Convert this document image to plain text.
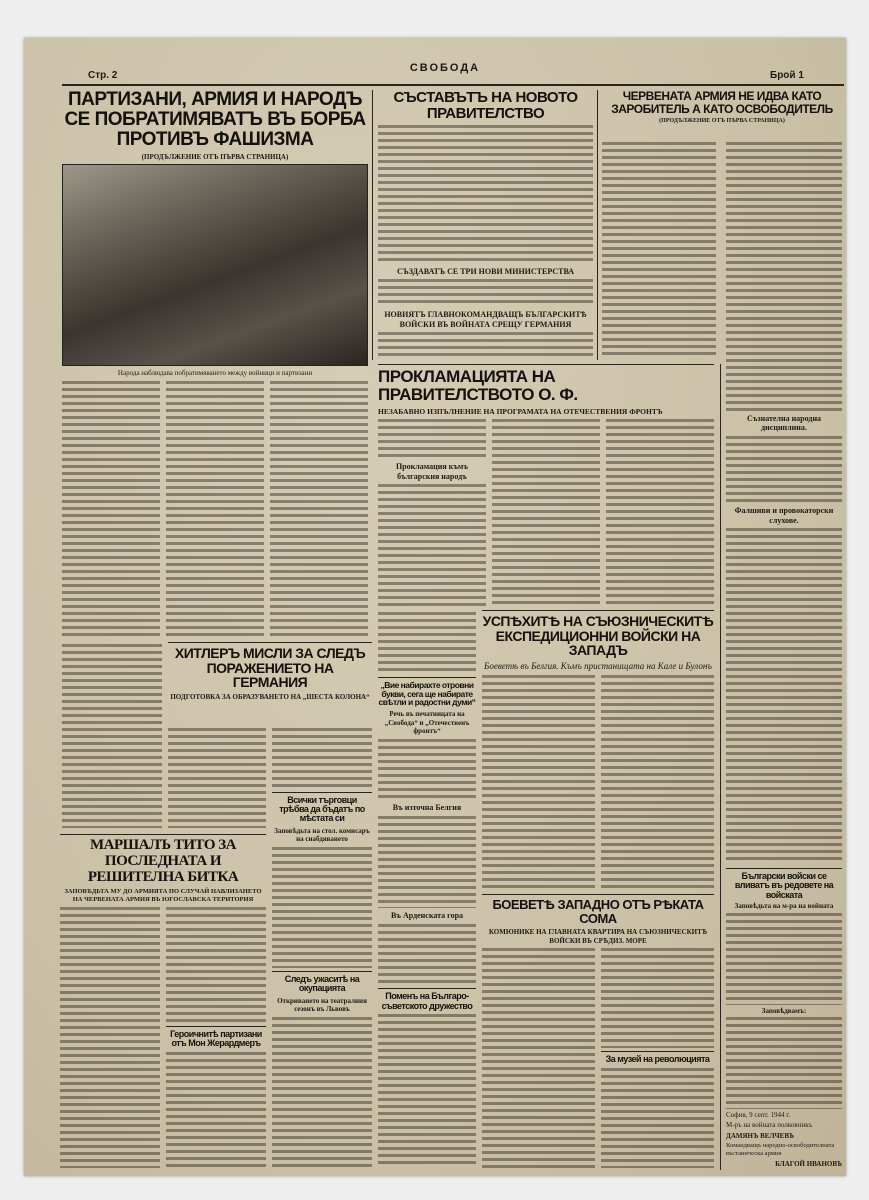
Стр. 2
СВОБОДА
Брой 1
ПАРТИЗАНИ, АРМИЯ И НАРОДЪ СЕ ПОБРАТИМЯВАТЪ ВЪ БОРБА ПРОТИВЪ ФАШИЗМА
(ПРОДЪЛЖЕНИЕ ОТЪ ПЪРВА СТРАНИЦА)
Народа наблюдава побратимяването между войници и партизани
СЪСТАВЪТЪ НА НОВОТО ПРАВИТЕЛСТВО
СЪЗДАВАТЪ СЕ ТРИ НОВИ МИНИСТЕРСТВА
НОВИЯТЪ ГЛАВНОКОМАНДВАЩЪ БЪЛГАРСКИТѢ ВОЙСКИ ВЪ ВОЙНАТА СРЕЩУ ГЕРМАНИЯ
ЧЕРВЕНАТА АРМИЯ НЕ ИДВА КАТО ЗАРОБИТЕЛЬ А КАТО ОСВОБОДИТЕЛЬ
(ПРОДЪЛЖЕНИЕ ОТЪ ПЪРВА СТРАНИЦА)
Съзнателна народна дисциплина.
Фалшиви и провокаторски слухове.
ПРОКЛАМАЦИЯТА НА ПРАВИТЕЛСТВОТО О. Ф.
НЕЗАБАВНО ИЗПЪЛНЕНИЕ НА ПРОГРАМАТА НА ОТЕЧЕСТВЕНИЯ ФРОНТЪ
Прокламация къмъ българския народъ
„Вие набирахте отровни букви, сега ще набирате свѣтли и радостни думи“
Речь въ печатницата на „Свобода“ и „Отечественъ фронтъ“
Въ източна Белгия
Въ Арденската гора
Поменъ на Българо-съветското дружество
УСПѢХИТѢ НА СЪЮЗНИЧЕСКИТѢ ЕКСПЕДИЦИОННИ ВОЙСКИ НА ЗАПАДЪ
Боеветѣ въ Белгия. Къмъ пристанищата на Кале и Булонъ
БОЕВЕТѢ ЗАПАДНО ОТЪ РѢКАТА СОМА
КОМЮНИКЕ НА ГЛАВНАТА КВАРТИРА НА СЪЮЗНИЧЕСКИТѢ ВОЙСКИ ВЪ СРѢДИЗ. МОРЕ
За музей на революцията
Български войски се вливатъ въ редовете на войската
Заповѣдьта на м-ра на войната
Заповѣдвамъ:
София, 9 септ. 1944 г.
М-ръ на войната полковникъ
ДАМЯНЪ ВЕЛЧЕВЪ
Командващъ народно-освободителната въстаническа армия
БЛАГОЙ ИВАНОВЪ
ХИТЛЕРЪ МИСЛИ ЗА СЛЕДЪ ПОРАЖЕНИЕТО НА ГЕРМАНИЯ
ПОДГОТОВКА ЗА ОБРАЗУВАНЕТО НА „ШЕСТА КОЛОНА“
Всички търговци трѣбва да бъдатъ по мѣстата си
Заповѣдьта на стол. комисаръ на снабдяването
Следъ ужаситѣ на окупацията
Откриването на театралния сезонъ въ Львовъ
МАРШАЛЪ ТИТО ЗА ПОСЛЕДНАТА И РЕШИТЕЛНА БИТКА
ЗАПОВѢДЬТА МУ ДО АРМИЯТА ПО СЛУЧАЙ НАВЛИЗАНЕТО НА ЧЕРВЕНАТА АРМИЯ ВЪ ЮГОСЛАВСКА ТЕРИТОРИЯ
Героичнитѣ партизани отъ Мон Жерардмеръ
